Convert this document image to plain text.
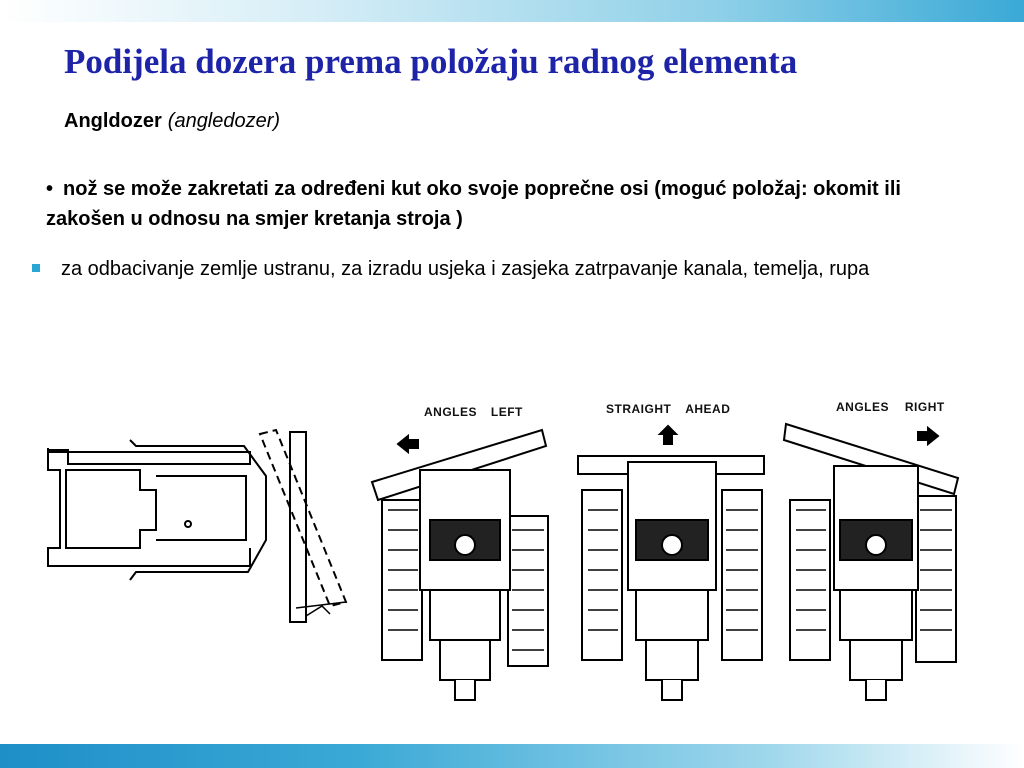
Podijela dozera prema položaju radnog elementa
Angldozer (angledozer)
• nož se može zakretati za određeni kut oko svoje poprečne osi (moguć položaj: okomit ili zakošen u odnosu na smjer kretanja stroja )
za odbacivanje zemlje ustranu, za izradu usjeka i zasjeka zatrpavanje kanala, temelja, rupa
ANGLES LEFT	STRAIGHT AHEAD	ANGLES RIGHT
